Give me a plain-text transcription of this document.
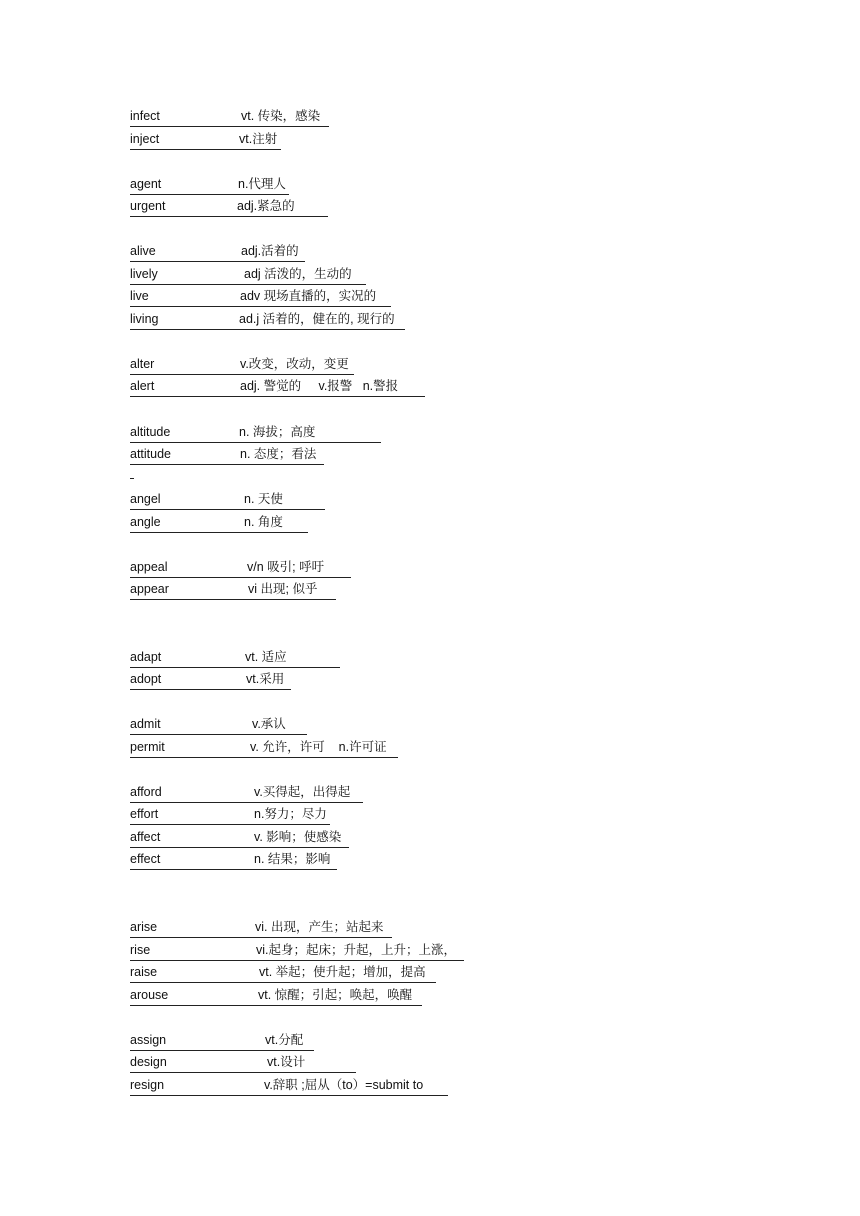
infect	vt. 传染，感染
inject	vt.注射
agent	n.代理人
urgent	adj.紧急的
alive	adj.活着的
lively	adj 活泼的，生动的
live	adv 现场直播的，实况的
living	ad.j 活着的，健在的, 现行的
alter	v.改变，改动，变更
alert	adj. 警觉的     v.报警   n.警报
altitude	n. 海拔；高度
attitude	n. 态度；看法
angel	n. 天使
angle	n. 角度
appeal	v/n 吸引; 呼吁
appear	vi 出现; 似乎
adapt	vt. 适应
adopt	vt.采用
admit	v.承认
permit	v. 允许，许可    n.许可证
afford	v.买得起，出得起
effort	n.努力；尽力
affect	v. 影响；使感染
effect	n. 结果；影响
arise	vi. 出现，产生；站起来
rise	vi.起身；起床；升起，上升；上涨，
raise	vt. 举起；使升起；增加，提高
arouse	vt. 惊醒；引起；唤起，唤醒
assign	vt.分配
design	vt.设计
resign	v.辞职 ;屈从（to）=submit to
